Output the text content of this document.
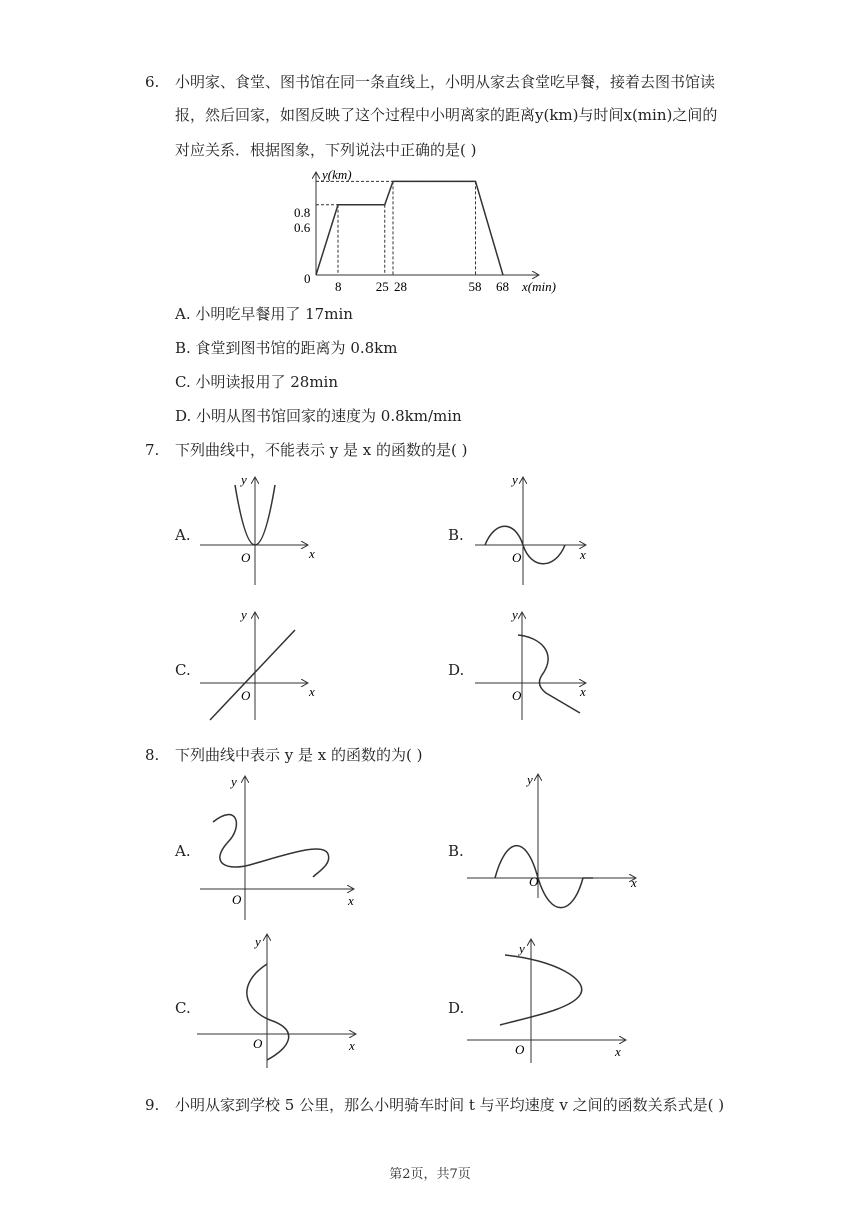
6. 小明家、食堂、图书馆在同一条直线上，小明从家去食堂吃早餐，接着去图书馆读
报，然后回家，如图反映了这个过程中小明离家的距离y(km)与时间x(min)之间的
对应关系．根据图象，下列说法中正确的是( )
y(km)
x(min)
0
0.8
0.6
8	25 28	58 68
A. 小明吃早餐用了 17min
B. 食堂到图书馆的距离为 0.8km
C. 小明读报用了 28min
D. 小明从图书馆回家的速度为 0.8km/min
7. 下列曲线中，不能表示 y 是 x 的函数的是( )
A.	B.
C.	D.
y
x
O
y
x
O
y
x
O
y
x
O
8. 下列曲线中表示 y 是 x 的函数的为( )
A.	B.
C.	D.
y
x
O
y
x
O
y
x
O
y
x
O
9. 小明从家到学校 5 公里，那么小明骑车时间 t 与平均速度 v 之间的函数关系式是( )
第2页，共7页
